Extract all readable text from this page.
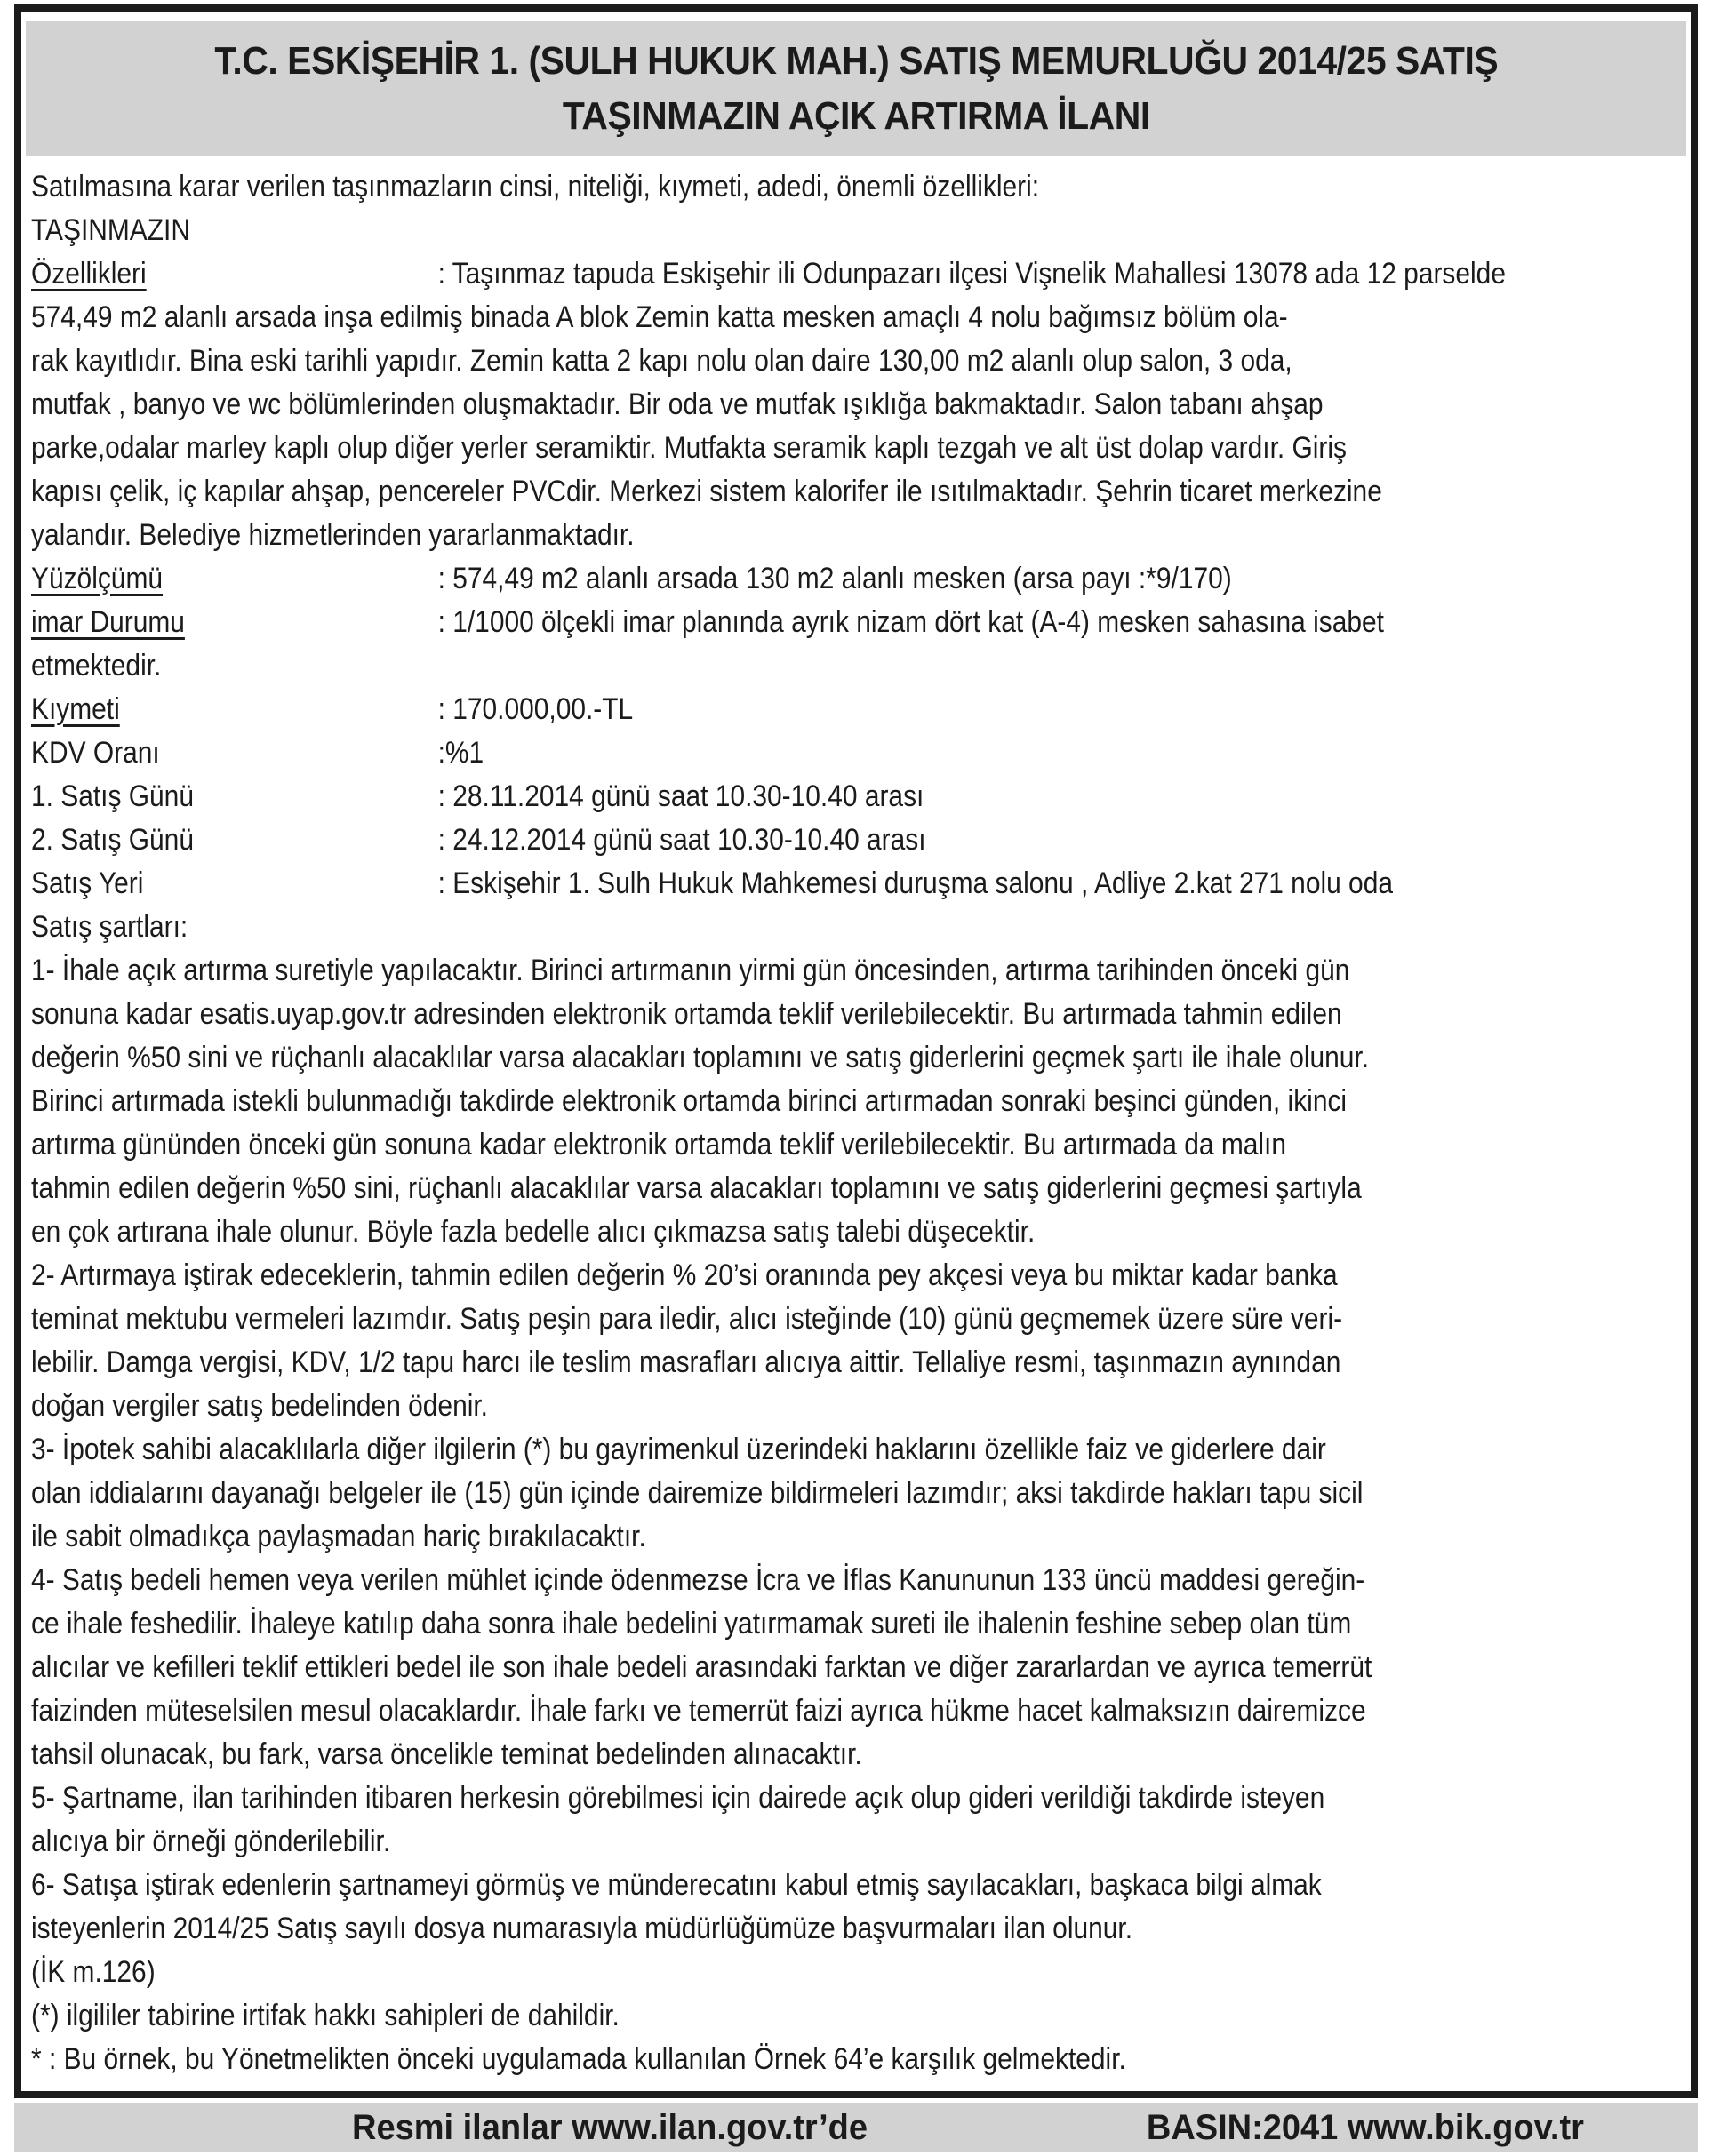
T.C. ESKİŞEHİR 1. (SULH HUKUK MAH.) SATIŞ MEMURLUĞU 2014/25 SATIŞ
TAŞINMAZIN AÇIK ARTIRMA İLANI
Satılmasına karar verilen taşınmazların cinsi, niteliği, kıymeti, adedi, önemli özellikleri:
TAŞINMAZIN
Özellikleri	: Taşınmaz tapuda Eskişehir ili Odunpazarı ilçesi Vişnelik Mahallesi 13078 ada 12 parselde
574,49 m2 alanlı arsada inşa edilmiş binada A blok Zemin katta mesken amaçlı 4 nolu bağımsız bölüm ola-
rak kayıtlıdır. Bina eski tarihli yapıdır. Zemin katta 2 kapı nolu olan daire 130,00 m2 alanlı olup salon, 3 oda,
mutfak , banyo ve wc bölümlerinden oluşmaktadır. Bir oda ve mutfak ışıklığa bakmaktadır. Salon tabanı ahşap
parke,odalar marley kaplı olup diğer yerler seramiktir. Mutfakta seramik kaplı tezgah ve alt üst dolap vardır. Giriş
kapısı çelik, iç kapılar ahşap, pencereler PVCdir. Merkezi sistem kalorifer ile ısıtılmaktadır. Şehrin ticaret merkezine
yalandır. Belediye hizmetlerinden yararlanmaktadır.
Yüzölçümü	: 574,49 m2 alanlı arsada 130 m2 alanlı mesken (arsa payı :*9/170)
imar Durumu	: 1/1000 ölçekli imar planında ayrık nizam dört kat (A-4) mesken sahasına isabet
etmektedir.
Kıymeti	: 170.000,00.-TL
KDV Oranı	:%1
1. Satış Günü	: 28.11.2014 günü saat 10.30-10.40 arası
2. Satış Günü	: 24.12.2014 günü saat 10.30-10.40 arası
Satış Yeri	: Eskişehir 1. Sulh Hukuk Mahkemesi duruşma salonu , Adliye 2.kat 271 nolu oda
Satış şartları:
1- İhale açık artırma suretiyle yapılacaktır. Birinci artırmanın yirmi gün öncesinden, artırma tarihinden önceki gün
sonuna kadar esatis.uyap.gov.tr adresinden elektronik ortamda teklif verilebilecektir. Bu artırmada tahmin edilen
değerin %50 sini ve rüçhanlı alacaklılar varsa alacakları toplamını ve satış giderlerini geçmek şartı ile ihale olunur.
Birinci artırmada istekli bulunmadığı takdirde elektronik ortamda birinci artırmadan sonraki beşinci günden, ikinci
artırma gününden önceki gün sonuna kadar elektronik ortamda teklif verilebilecektir. Bu artırmada da malın
tahmin edilen değerin %50 sini, rüçhanlı alacaklılar varsa alacakları toplamını ve satış giderlerini geçmesi şartıyla
en çok artırana ihale olunur. Böyle fazla bedelle alıcı çıkmazsa satış talebi düşecektir.
2- Artırmaya iştirak edeceklerin, tahmin edilen değerin % 20’si oranında pey akçesi veya bu miktar kadar banka
teminat mektubu vermeleri lazımdır. Satış peşin para iledir, alıcı isteğinde (10) günü geçmemek üzere süre veri-
lebilir. Damga vergisi, KDV, 1/2 tapu harcı ile teslim masrafları alıcıya aittir. Tellaliye resmi, taşınmazın aynından
doğan vergiler satış bedelinden ödenir.
3- İpotek sahibi alacaklılarla diğer ilgilerin (*) bu gayrimenkul üzerindeki haklarını özellikle faiz ve giderlere dair
olan iddialarını dayanağı belgeler ile (15) gün içinde dairemize bildirmeleri lazımdır; aksi takdirde hakları tapu sicil
ile sabit olmadıkça paylaşmadan hariç bırakılacaktır.
4- Satış bedeli hemen veya verilen mühlet içinde ödenmezse İcra ve İflas Kanununun 133 üncü maddesi gereğin-
ce ihale feshedilir. İhaleye katılıp daha sonra ihale bedelini yatırmamak sureti ile ihalenin feshine sebep olan tüm
alıcılar ve kefilleri teklif ettikleri bedel ile son ihale bedeli arasındaki farktan ve diğer zararlardan ve ayrıca temerrüt
faizinden müteselsilen mesul olacaklardır. İhale farkı ve temerrüt faizi ayrıca hükme hacet kalmaksızın dairemizce
tahsil olunacak, bu fark, varsa öncelikle teminat bedelinden alınacaktır.
5- Şartname, ilan tarihinden itibaren herkesin görebilmesi için dairede açık olup gideri verildiği takdirde isteyen
alıcıya bir örneği gönderilebilir.
6- Satışa iştirak edenlerin şartnameyi görmüş ve münderecatını kabul etmiş sayılacakları, başkaca bilgi almak
isteyenlerin 2014/25 Satış sayılı dosya numarasıyla müdürlüğümüze başvurmaları ilan olunur.
(İK m.126)
(*) ilgililer tabirine irtifak hakkı sahipleri de dahildir.
* : Bu örnek, bu Yönetmelikten önceki uygulamada kullanılan Örnek 64’e karşılık gelmektedir.
Resmi ilanlar www.ilan.gov.tr’de	BASIN:2041 www.bik.gov.tr
